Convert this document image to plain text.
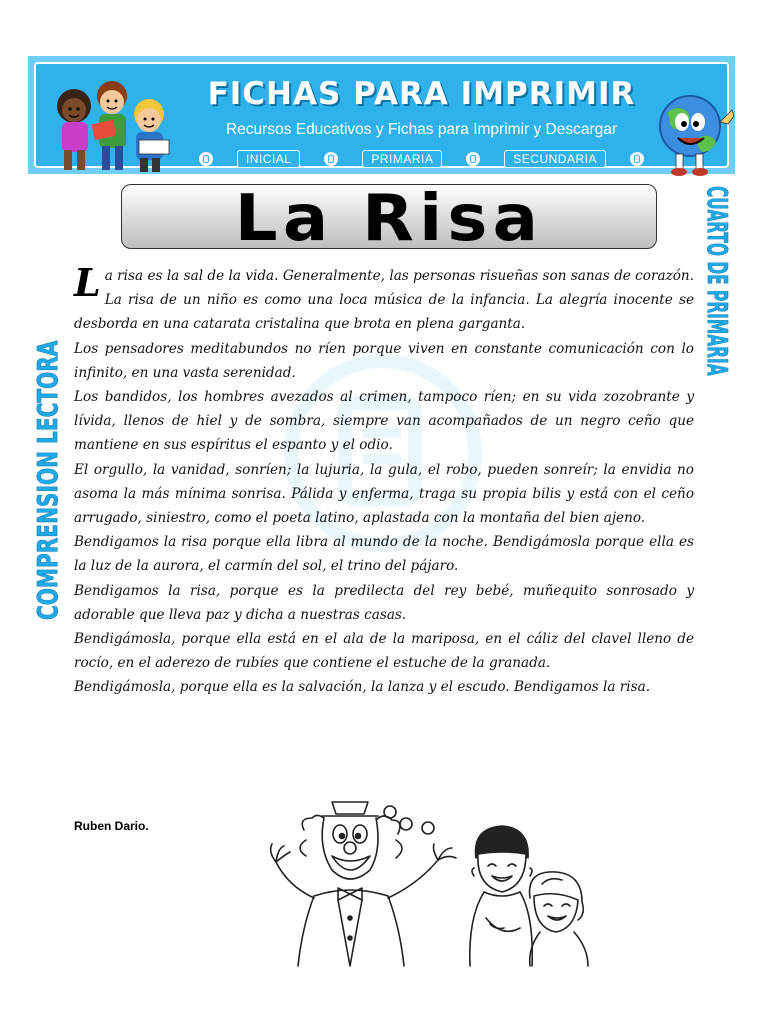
FICHAS PARA IMPRIMIR
Recursos Educativos y Fichas para Imprimir y Descargar
INICIAL	PRIMARIA	SECUNDARIA
COMPRENSION LECTORA
CUARTO DE PRIMARIA
La Risa

La risa es la sal de la vida. Generalmente, las personas risueñas son sanas de corazón. La risa de un niño es como una loca música de la infancia. La alegría inocente se desborda en una catarata cristalina que brota en plena garganta.

Los pensadores meditabundos no ríen porque viven en constante comunicación con lo infinito, en una vasta serenidad.

Los bandidos, los hombres avezados al crimen, tampoco ríen; en su vida zozobrante y lívida, llenos de hiel y de sombra, siempre van acompañados de un negro ceño que mantiene en sus espíritus el espanto y el odio.

El orgullo, la vanidad, sonríen; la lujuria, la gula, el robo, pueden sonreír; la envidia no asoma la más mínima sonrisa. Pálida y enferma, traga su propia bilis y está con el ceño arrugado, siniestro, como el poeta latino, aplastada con la montaña del bien ajeno.

Bendigamos la risa porque ella libra al mundo de la noche. Bendigámosla porque ella es la luz de la aurora, el carmín del sol, el trino del pájaro.

Bendigamos la risa, porque es la predilecta del rey bebé, muñequito sonrosado y adorable que lleva paz y dicha a nuestras casas.

Bendigámosla, porque ella está en el ala de la mariposa, en el cáliz del clavel lleno de rocío, en el aderezo de rubíes que contiene el estuche de la granada.

Bendigámosla, porque ella es la salvación, la lanza y el escudo. Bendigamos la risa.

Ruben Dario.
